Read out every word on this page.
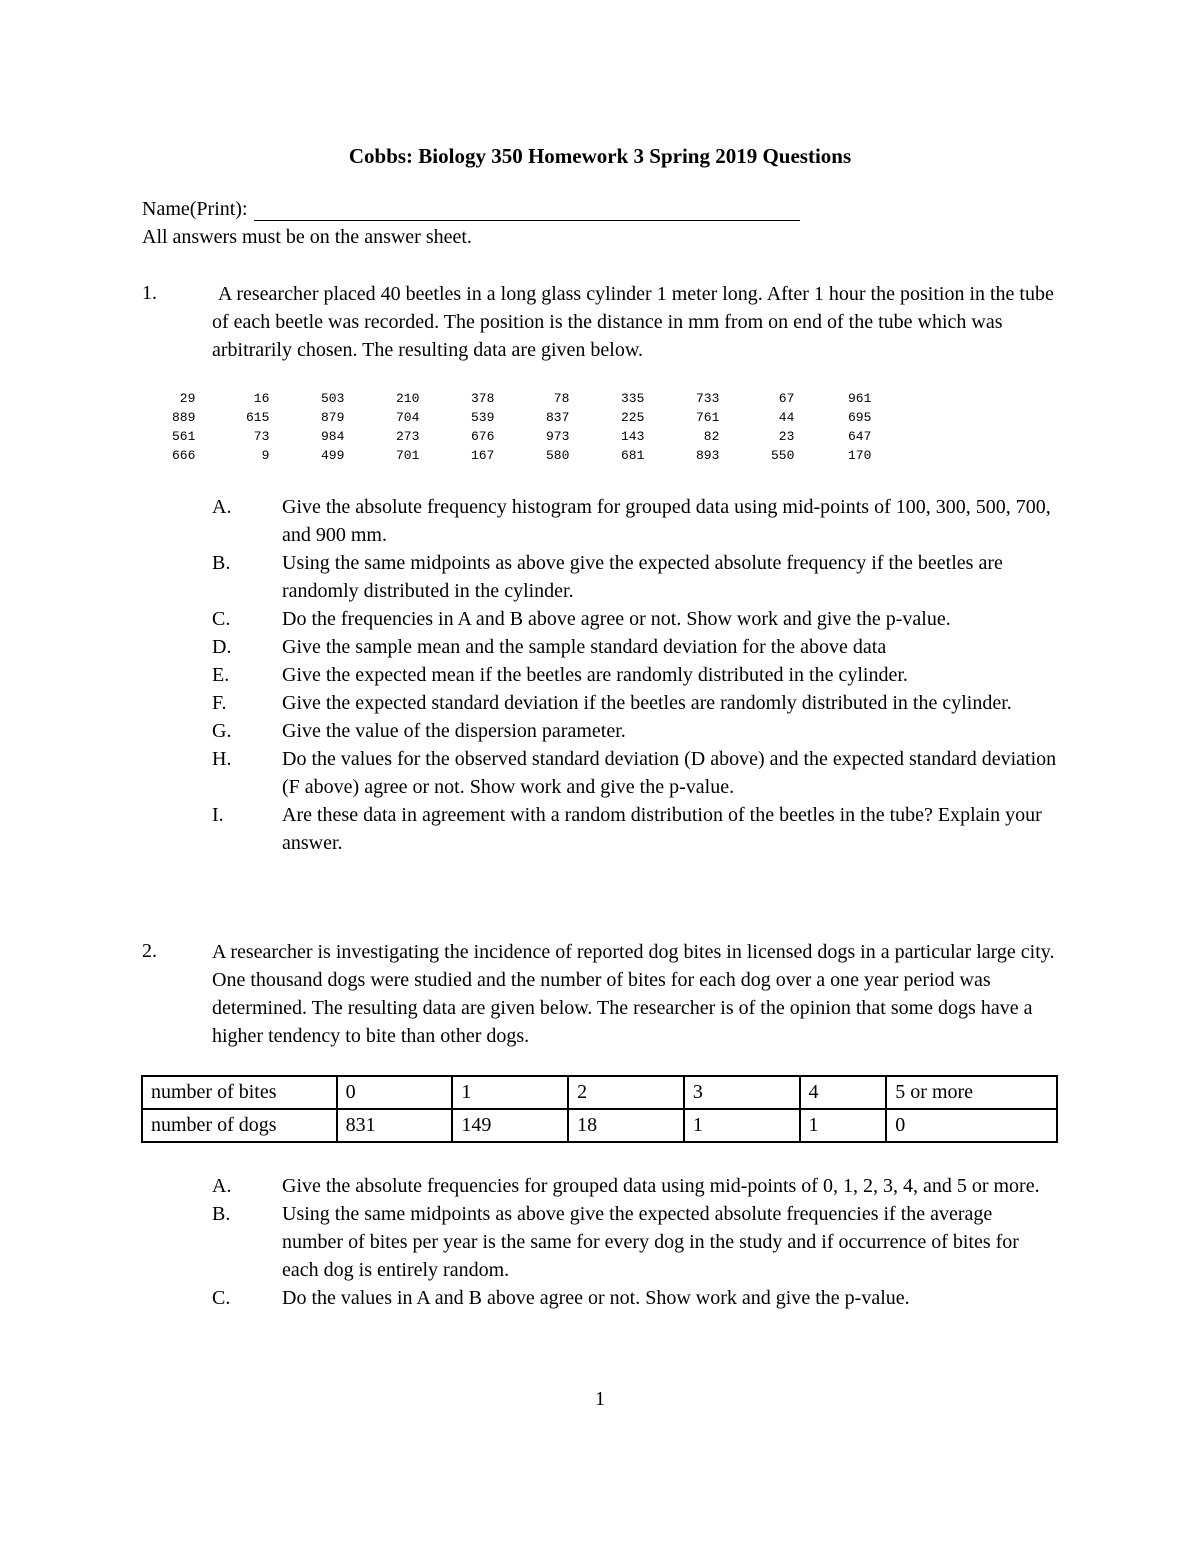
Cobbs: Biology 350 Homework 3 Spring 2019 Questions
Name(Print):
All answers must be on the answer sheet.
1.	A researcher placed 40 beetles in a long glass cylinder 1 meter long. After 1 hour the position in the tube of each beetle was recorded. The position is the distance in mm from on end of the tube which was arbitrarily chosen. The resulting data are given below.
29	16	503	210	378	78	335	733	67	961
889	615	879	704	539	837	225	761	44	695
561	73	984	273	676	973	143	82	23	647
666	9	499	701	167	580	681	893	550	170
A.	Give the absolute frequency histogram for grouped data using mid-points of 100, 300, 500, 700, and 900 mm.
B.	Using the same midpoints as above give the expected absolute frequency if the beetles are randomly distributed in the cylinder.
C.	Do the frequencies in A and B above agree or not. Show work and give the p-value.
D.	Give the sample mean and the sample standard deviation for the above data
E.	Give the expected mean if the beetles are randomly distributed in the cylinder.
F.	Give the expected standard deviation if the beetles are randomly distributed in the cylinder.
G.	Give the value of the dispersion parameter.
H.	Do the values for the observed standard deviation (D above) and the expected standard deviation (F above) agree or not. Show work and give the p-value.
I.	Are these data in agreement with a random distribution of the beetles in the tube? Explain your answer.
2.	A researcher is investigating the incidence of reported dog bites in licensed dogs in a particular large city. One thousand dogs were studied and the number of bites for each dog over a one year period was determined. The resulting data are given below. The researcher is of the opinion that some dogs have a higher tendency to bite than other dogs.
number of bites	0	1	2	3	4	5 or more
number of dogs	831	149	18	1	1	0
A.	Give the absolute frequencies for grouped data using mid-points of 0, 1, 2, 3, 4, and 5 or more.
B.	Using the same midpoints as above give the expected absolute frequencies if the average number of bites per year is the same for every dog in the study and if occurrence of bites for each dog is entirely random.
C.	Do the values in A and B above agree or not. Show work and give the p-value.
1
